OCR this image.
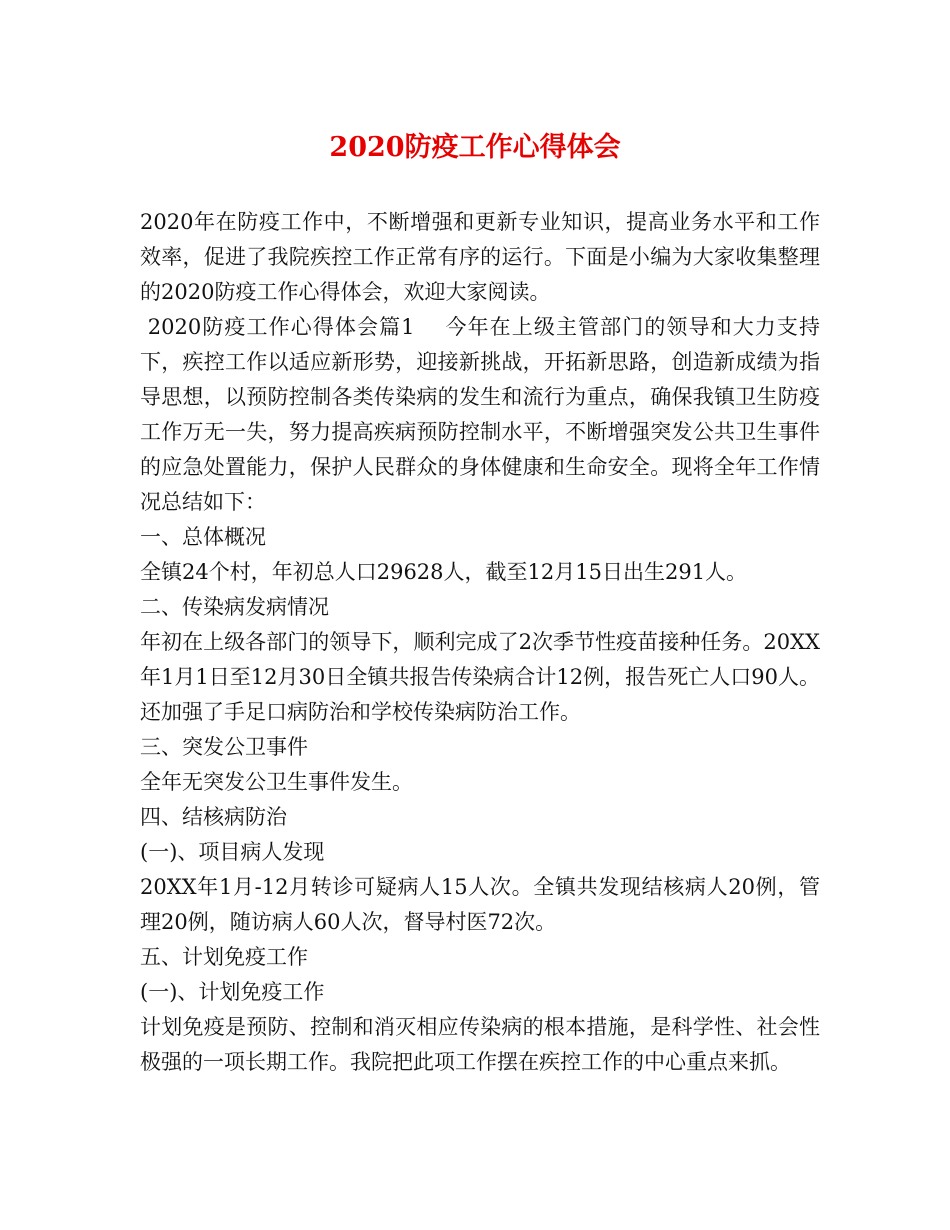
2020防疫工作心得体会

2020年在防疫工作中，不断增强和更新专业知识，提高业务水平和工作效率，促进了我院疾控工作正常有序的运行。下面是小编为大家收集整理的2020防疫工作心得体会，欢迎大家阅读。

2020防疫工作心得体会篇1　 今年在上级主管部门的领导和大力支持下，疾控工作以适应新形势，迎接新挑战，开拓新思路，创造新成绩为指导思想，以预防控制各类传染病的发生和流行为重点，确保我镇卫生防疫工作万无一失，努力提高疾病预防控制水平，不断增强突发公共卫生事件的应急处置能力，保护人民群众的身体健康和生命安全。现将全年工作情况总结如下：

一、总体概况

全镇24个村，年初总人口29628人，截至12月15日出生291人。

二、传染病发病情况

年初在上级各部门的领导下，顺利完成了2次季节性疫苗接种任务。20XX年1月1日至12月30日全镇共报告传染病合计12例，报告死亡人口90人。还加强了手足口病防治和学校传染病防治工作。

三、突发公卫事件

全年无突发公卫生事件发生。

四、结核病防治

(一)、项目病人发现

20XX年1月-12月转诊可疑病人15人次。全镇共发现结核病人20例，管理20例，随访病人60人次，督导村医72次。

五、计划免疫工作

(一)、计划免疫工作

计划免疫是预防、控制和消灭相应传染病的根本措施，是科学性、社会性极强的一项长期工作。我院把此项工作摆在疾控工作的中心重点来抓。
